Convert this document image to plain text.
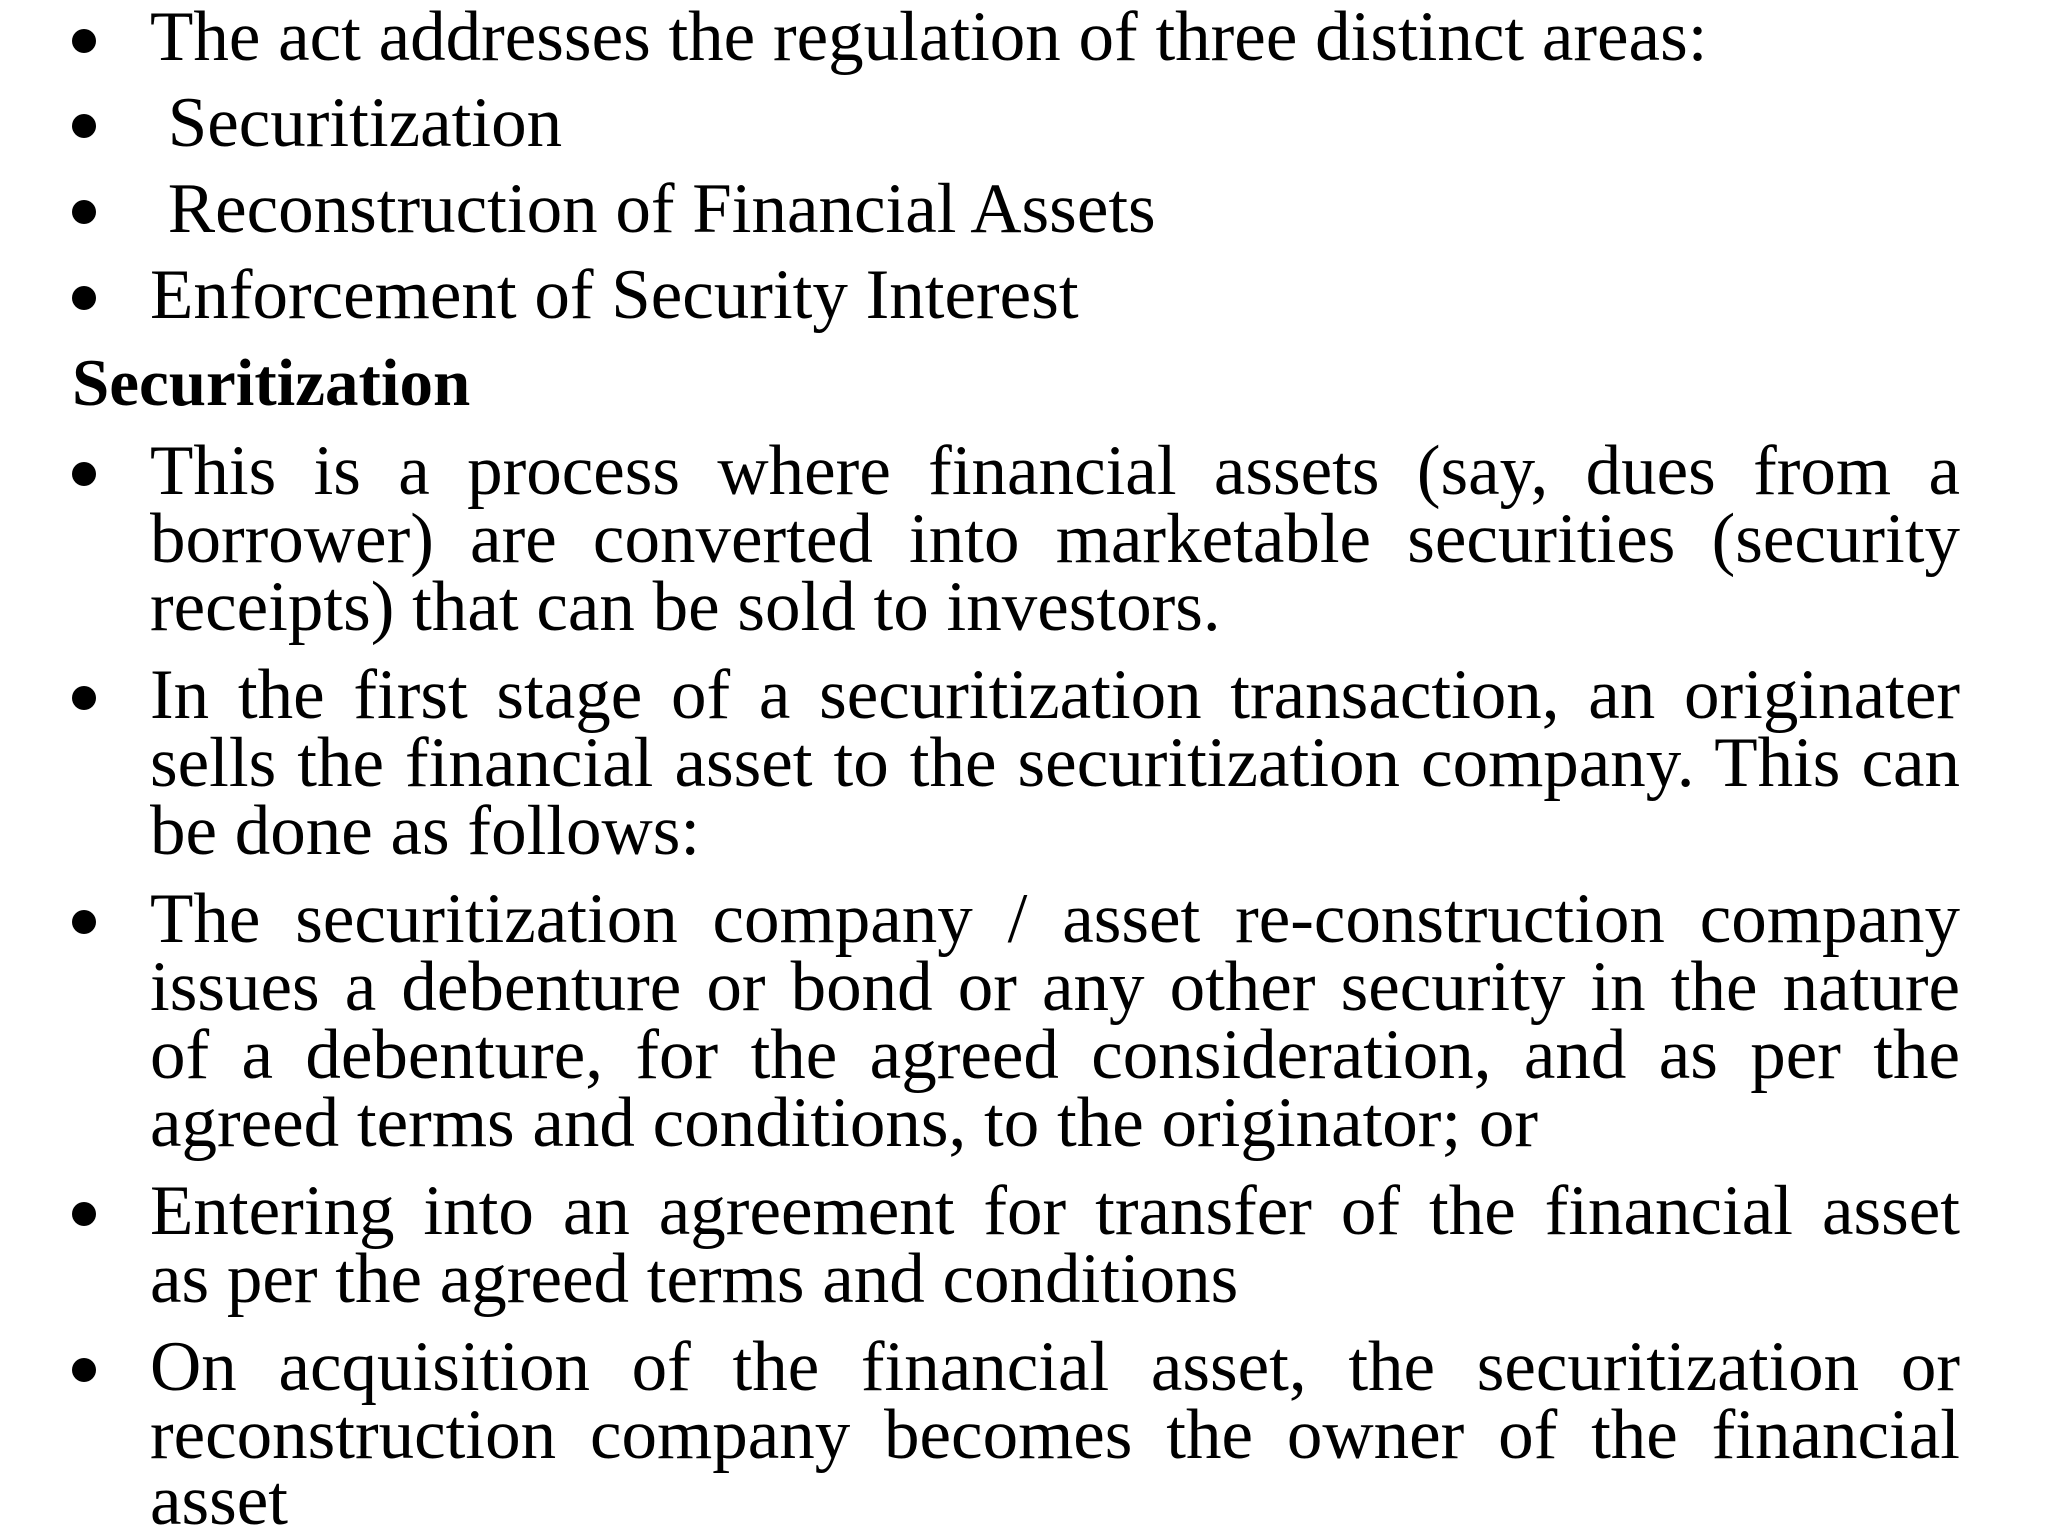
The act addresses the regulation of three distinct areas:
Securitization
Reconstruction of Financial Assets
Enforcement of Security Interest
Securitization
This is a process where financial assets (say, dues from a
borrower) are converted into marketable securities (security
receipts) that can be sold to investors.
In the first stage of a securitization transaction, an originater
sells the financial asset to the securitization company. This can
be done as follows:
The securitization company / asset re-construction company
issues a debenture or bond or any other security in the nature
of a debenture, for the agreed consideration, and as per the
agreed terms and conditions, to the originator; or
Entering into an agreement for transfer of the financial asset
as per the agreed terms and conditions
On acquisition of the financial asset, the securitization or
reconstruction company becomes the owner of the financial
asset
